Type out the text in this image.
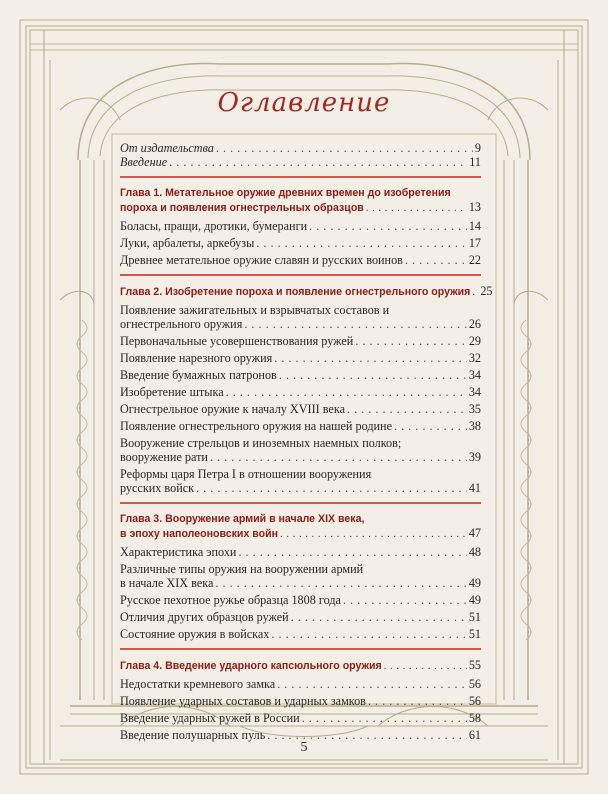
Оглавление
От издательства . . .	9
Введение . . .	11
Глава 1. Метательное оружие древних времен до изобретения
пороха и появления огнестрельных образцов . . .	13
Боласы, пращи, дротики, бумеранги . . .	14
Луки, арбалеты, аркебузы . . .	17
Древнее метательное оружие славян и русских воинов . . .	22
Глава 2. Изобретение пороха и появление огнестрельного оружия . . . 25
Появление зажигательных и взрывчатых составов и
огнестрельного оружия . . .	26
Первоначальные усовершенствования ружей . . .	29
Появление нарезного оружия . . .	32
Введение бумажных патронов . . .	34
Изобретение штыка . . .	34
Огнестрельное оружие к началу XVIII века . . .	35
Появление огнестрельного оружия на нашей родине . . .	38
Вооружение стрельцов и иноземных наемных полков;
вооружение рати . . .	39
Реформы царя Петра I в отношении вооружения
русских войск . . .	41
Глава 3. Вооружение армий в начале XIX века,
в эпоху наполеоновских войн . . .	47
Характеристика эпохи . . .	48
Различные типы оружия на вооружении армий
в начале XIX века . . .	49
Русское пехотное ружье образца 1808 года . . .	49
Отличия других образцов ружей . . .	51
Состояние оружия в войсках . . .	51
Глава 4. Введение ударного капсюльного оружия . . .	55
Недостатки кремневого замка . . .	56
Появление ударных составов и ударных замков . . .	56
Введение ударных ружей в России . . .	58
Введение полушарных пуль . . .	61
5
